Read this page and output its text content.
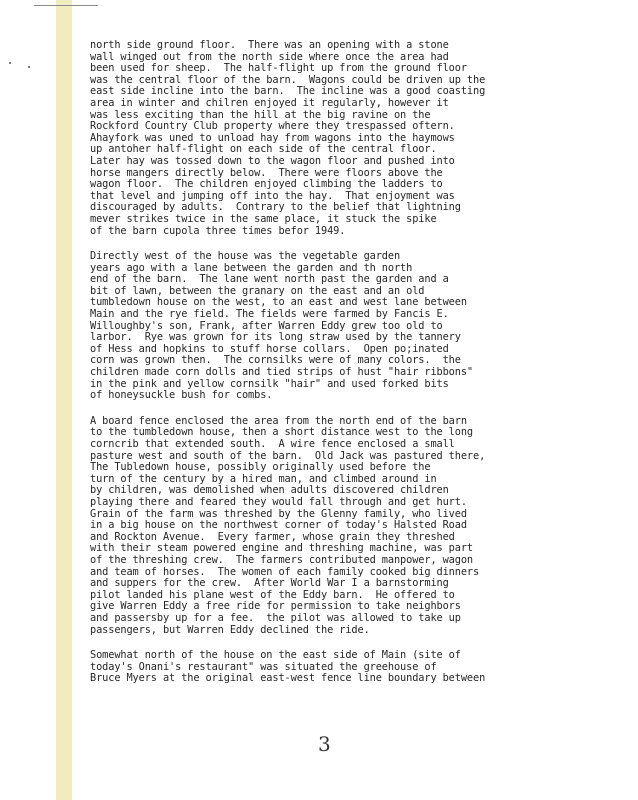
north side ground floor.  There was an opening with a stone
wall winged out from the north side where once the area had
been used for sheep.  The half-flight up from the ground floor
was the central floor of the barn.  Wagons could be driven up the
east side incline into the barn.  The incline was a good coasting
area in winter and chilren enjoyed it regularly, however it
was less exciting than the hill at the big ravine on the
Rockford Country Club property where they trespassed oftern.
Ahayfork was uned to unload hay from wagons into the haymows
up antoher half-flight on each side of the central floor.
Later hay was tossed down to the wagon floor and pushed into
horse mangers directly below.  There were floors above the
wagon floor.  The children enjoyed climbing the ladders to
that level and jumping off into the hay.  That enjoyment was
discouraged by adults.  Contrary to the belief that lightning
mever strikes twice in the same place, it stuck the spike
of the barn cupola three times befor 1949.
Directly west of the house was the vegetable garden
years ago with a lane between the garden and th north
end of the barn.  The lane went north past the garden and a
bit of lawn, between the granary on the east and an old
tumbledown house on the west, to an east and west lane between
Main and the rye field. The fields were farmed by Fancis E.
Willoughby's son, Frank, after Warren Eddy grew too old to
larbor.  Rye was grown for its long straw used by the tannery
of Hess and hopkins to stuff horse collars.  Open po;inated
corn was grown then.  The cornsilks were of many colors.  the
children made corn dolls and tied strips of hust "hair ribbons"
in the pink and yellow cornsilk "hair" and used forked bits
of honeysuckle bush for combs.
A board fence enclosed the area from the north end of the barn
to the tumbledown house, then a short distance west to the long
corncrib that extended south.  A wire fence enclosed a small
pasture west and south of the barn.  Old Jack was pastured there,
The Tubledown house, possibly originally used before the
turn of the century by a hired man, and climbed around in
by children, was demolished when adults discovered children
playing there and feared they would fall through and get hurt.
Grain of the farm was threshed by the Glenny family, who lived
in a big house on the northwest corner of today's Halsted Road
and Rockton Avenue.  Every farmer, whose grain they threshed
with their steam powered engine and threshing machine, was part
of the threshing crew.  The farmers contributed manpower, wagon
and team of horses.  The women of each family cooked big dinners
and suppers for the crew.  After World War I a barnstorming
pilot landed his plane west of the Eddy barn.  He offered to
give Warren Eddy a free ride for permission to take neighbors
and passersby up for a fee.  the pilot was allowed to take up
passengers, but Warren Eddy declined the ride.
Somewhat north of the house on the east side of Main (site of
today's Onani's restaurant" was situated the greehouse of
Bruce Myers at the original east-west fence line boundary between
3
